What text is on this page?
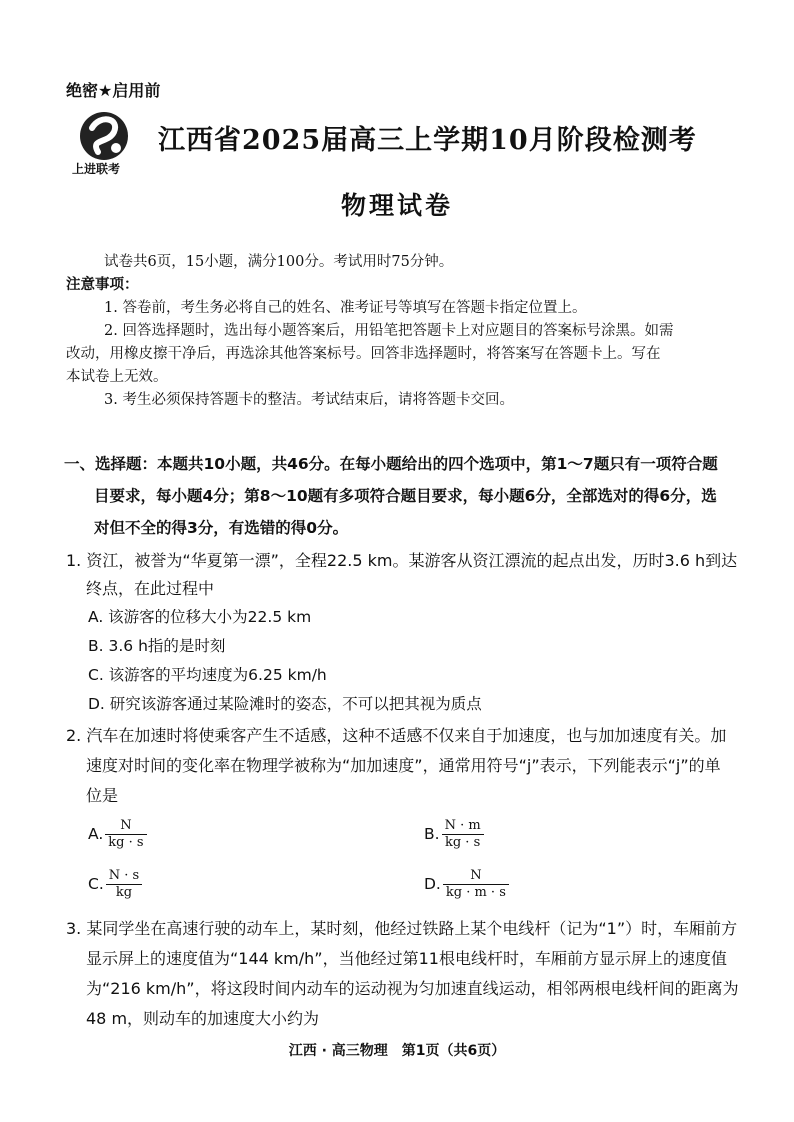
绝密★启用前
上进联考
江西省2025届高三上学期10月阶段检测考
物理试卷
试卷共6页，15小题，满分100分。考试用时75分钟。
注意事项：
1. 答卷前，考生务必将自己的姓名、准考证号等填写在答题卡指定位置上。
2. 回答选择题时，选出每小题答案后，用铅笔把答题卡上对应题目的答案标号涂黑。如需
改动，用橡皮擦干净后，再选涂其他答案标号。回答非选择题时，将答案写在答题卡上。写在
本试卷上无效。
3. 考生必须保持答题卡的整洁。考试结束后，请将答题卡交回。
一、选择题：本题共10小题，共46分。在每小题给出的四个选项中，第1～7题只有一项符合题
目要求，每小题4分；第8～10题有多项符合题目要求，每小题6分，全部选对的得6分，选
对但不全的得3分，有选错的得0分。
1. 资江，被誉为“华夏第一漂”，全程22.5 km。某游客从资江漂流的起点出发，历时3.6 h到达
终点，在此过程中
A. 该游客的位移大小为22.5 km
B. 3.6 h指的是时刻
C. 该游客的平均速度为6.25 km/h
D. 研究该游客通过某险滩时的姿态，不可以把其视为质点
2. 汽车在加速时将使乘客产生不适感，这种不适感不仅来自于加速度，也与加加速度有关。加
速度对时间的变化率在物理学被称为“加加速度”，通常用符号“j”表示，下列能表示“j”的单
位是
A. $\frac{N}{kg \cdot s}$	B. $\frac{N \cdot m}{kg \cdot s}$
C. $\frac{N \cdot s}{kg}$	D. $\frac{N}{kg \cdot m \cdot s}$
3. 某同学坐在高速行驶的动车上，某时刻，他经过铁路上某个电线杆（记为“1”）时，车厢前方
显示屏上的速度值为“144 km/h”，当他经过第11根电线杆时，车厢前方显示屏上的速度值
为“216 km/h”，将这段时间内动车的运动视为匀加速直线运动，相邻两根电线杆间的距离为
48 m，则动车的加速度大小约为
江西 · 高三物理　第1页（共6页）
